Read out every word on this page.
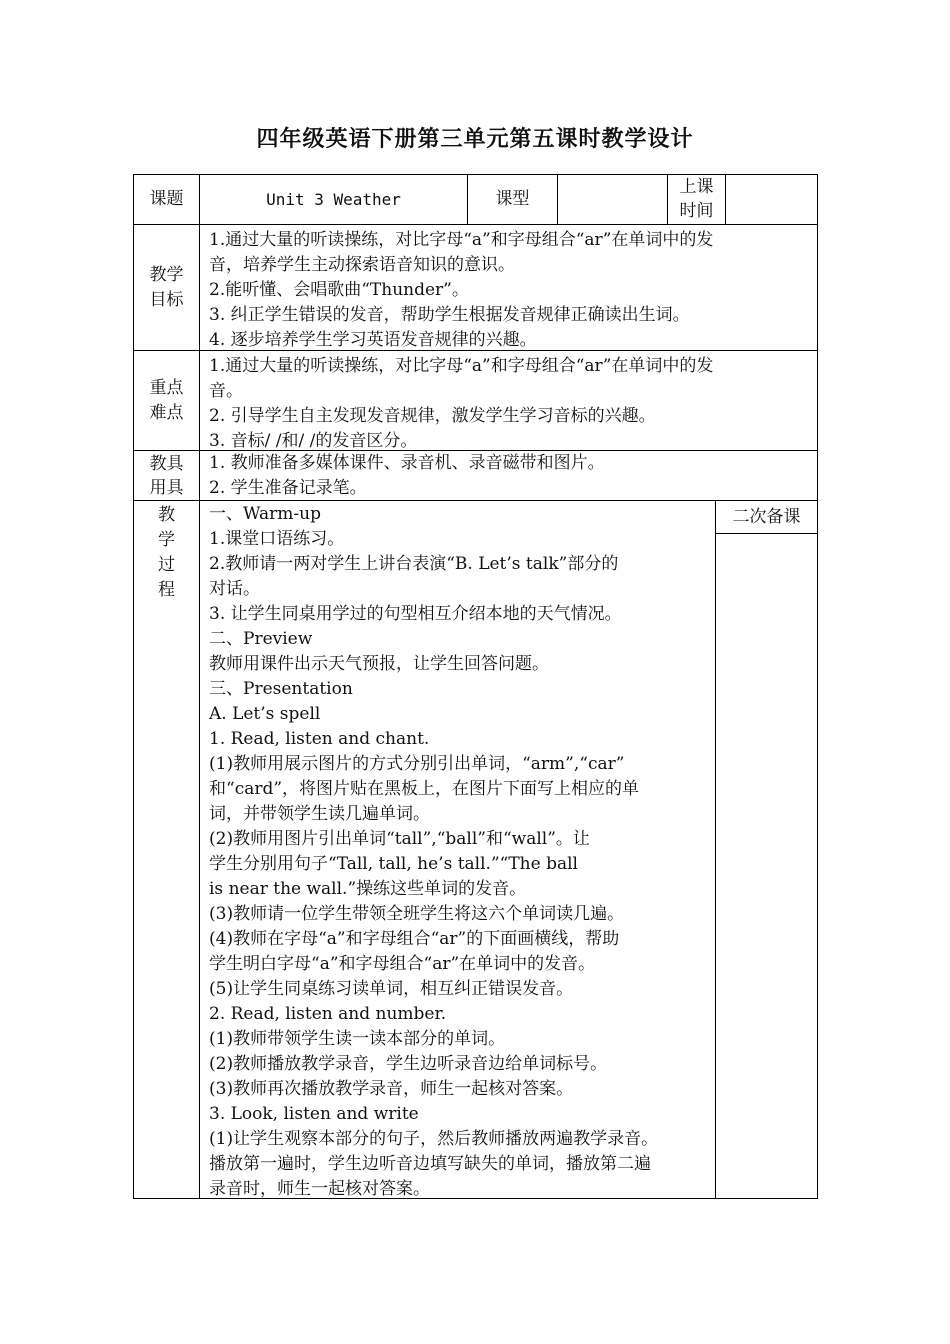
四年级英语下册第三单元第五课时教学设计
课题	Unit 3 Weather	课型
上课
时间
教学
目标
1.通过大量的听读操练，对比字母“a”和字母组合“ar”在单词中的发
音，培养学生主动探索语音知识的意识。
2.能听懂、会唱歌曲“Thunder”。
3. 纠正学生错误的发音，帮助学生根据发音规律正确读出生词。
4. 逐步培养学生学习英语发音规律的兴趣。
重点
难点
1.通过大量的听读操练，对比字母“a”和字母组合“ar”在单词中的发
音。
2. 引导学生自主发现发音规律，激发学生学习音标的兴趣。
3. 音标/ /和/ /的发音区分。
教具
用具
1. 教师准备多媒体课件、录音机、录音磁带和图片。
2. 学生准备记录笔。
教
学
过
程
二次备课
一、Warm-up
1.课堂口语练习。
2.教师请一两对学生上讲台表演“B. Let’s talk”部分的
对话。
3. 让学生同桌用学过的句型相互介绍本地的天气情况。
二、Preview
教师用课件出示天气预报，让学生回答问题。
三、Presentation
A. Let’s spell
1. Read, listen and chant.
(1)教师用展示图片的方式分别引出单词，“arm”,“car”
和“card”，将图片贴在黑板上，在图片下面写上相应的单
词，并带领学生读几遍单词。
(2)教师用图片引出单词“tall”,“ball”和“wall”。让
学生分别用句子“Tall, tall, he’s tall.”“The ball
is near the wall.”操练这些单词的发音。
(3)教师请一位学生带领全班学生将这六个单词读几遍。
(4)教师在字母“a”和字母组合“ar”的下面画横线，帮助
学生明白字母“a”和字母组合“ar”在单词中的发音。
(5)让学生同桌练习读单词，相互纠正错误发音。
2. Read, listen and number.
(1)教师带领学生读一读本部分的单词。
(2)教师播放教学录音，学生边听录音边给单词标号。
(3)教师再次播放教学录音，师生一起核对答案。
3. Look, listen and write
(1)让学生观察本部分的句子，然后教师播放两遍教学录音。
播放第一遍时，学生边听音边填写缺失的单词，播放第二遍
录音时，师生一起核对答案。
